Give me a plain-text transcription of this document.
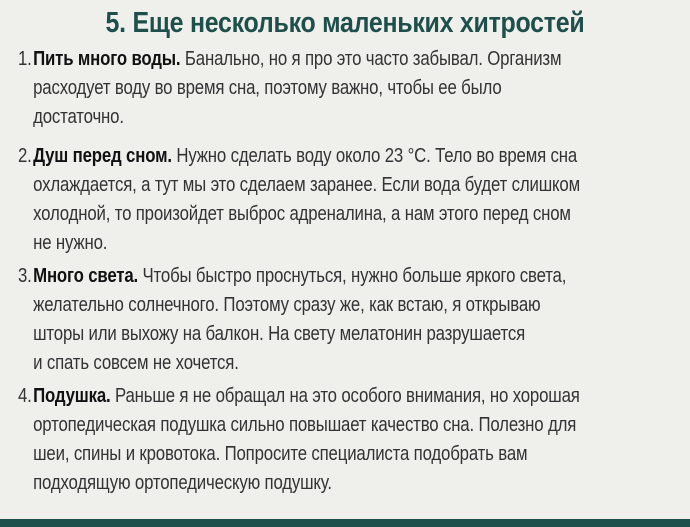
5. Еще несколько маленьких хитростей
1.Пить много воды. Банально, но я про это часто забывал. Организм
расходует воду во время сна, поэтому важно, чтобы ее было
достаточно.
2.Душ перед сном. Нужно сделать воду около 23 °С. Тело во время сна
охлаждается, а тут мы это сделаем заранее. Если вода будет слишком
холодной, то произойдет выброс адреналина, а нам этого перед сном
не нужно.
3.Много света. Чтобы быстро проснуться, нужно больше яркого света,
желательно солнечного. Поэтому сразу же, как встаю, я открываю
шторы или выхожу на балкон. На свету мелатонин разрушается
и спать совсем не хочется.
4.Подушка. Раньше я не обращал на это особого внимания, но хорошая
ортопедическая подушка сильно повышает качество сна. Полезно для
шеи, спины и кровотока. Попросите специалиста подобрать вам
подходящую ортопедическую подушку.
